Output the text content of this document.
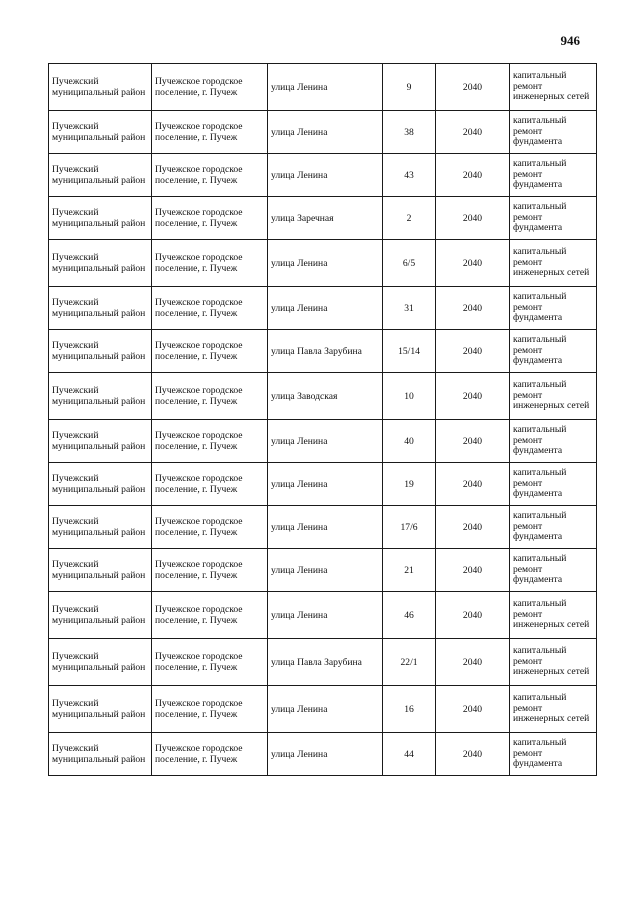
946
Пучежский муниципальный район	Пучежское городское поселение, г. Пучеж	улица Ленина	9	2040	капитальный ремонт инженерных сетей
Пучежский муниципальный район	Пучежское городское поселение, г. Пучеж	улица Ленина	38	2040	капитальный ремонт фундамента
Пучежский муниципальный район	Пучежское городское поселение, г. Пучеж	улица Ленина	43	2040	капитальный ремонт фундамента
Пучежский муниципальный район	Пучежское городское поселение, г. Пучеж	улица Заречная	2	2040	капитальный ремонт фундамента
Пучежский муниципальный район	Пучежское городское поселение, г. Пучеж	улица Ленина	6/5	2040	капитальный ремонт инженерных сетей
Пучежский муниципальный район	Пучежское городское поселение, г. Пучеж	улица Ленина	31	2040	капитальный ремонт фундамента
Пучежский муниципальный район	Пучежское городское поселение, г. Пучеж	улица Павла Зарубина	15/14	2040	капитальный ремонт фундамента
Пучежский муниципальный район	Пучежское городское поселение, г. Пучеж	улица Заводская	10	2040	капитальный ремонт инженерных сетей
Пучежский муниципальный район	Пучежское городское поселение, г. Пучеж	улица Ленина	40	2040	капитальный ремонт фундамента
Пучежский муниципальный район	Пучежское городское поселение, г. Пучеж	улица Ленина	19	2040	капитальный ремонт фундамента
Пучежский муниципальный район	Пучежское городское поселение, г. Пучеж	улица Ленина	17/6	2040	капитальный ремонт фундамента
Пучежский муниципальный район	Пучежское городское поселение, г. Пучеж	улица Ленина	21	2040	капитальный ремонт фундамента
Пучежский муниципальный район	Пучежское городское поселение, г. Пучеж	улица Ленина	46	2040	капитальный ремонт инженерных сетей
Пучежский муниципальный район	Пучежское городское поселение, г. Пучеж	улица Павла Зарубина	22/1	2040	капитальный ремонт инженерных сетей
Пучежский муниципальный район	Пучежское городское поселение, г. Пучеж	улица Ленина	16	2040	капитальный ремонт инженерных сетей
Пучежский муниципальный район	Пучежское городское поселение, г. Пучеж	улица Ленина	44	2040	капитальный ремонт фундамента
